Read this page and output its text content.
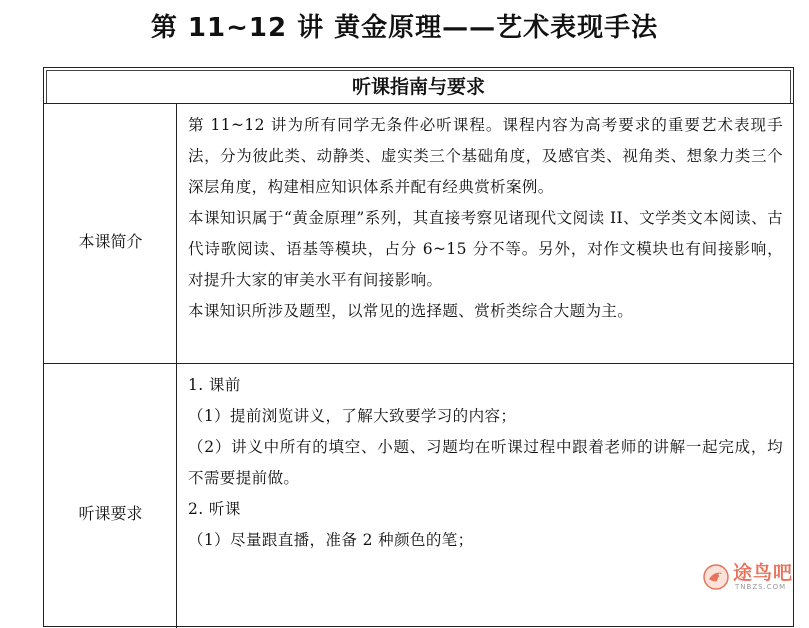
第 11~12 讲 黄金原理——艺术表现手法
听课指南与要求
本课简介

第 11~12 讲为所有同学无条件必听课程。课程内容为高考要求的重要艺术表现手法，分为彼此类、动静类、虚实类三个基础角度，及感官类、视角类、想象力类三个深层角度，构建相应知识体系并配有经典赏析案例。

本课知识属于“黄金原理”系列，其直接考察见诸现代文阅读 II、文学类文本阅读、古代诗歌阅读、语基等模块，占分 6~15 分不等。另外，对作文模块也有间接影响，对提升大家的审美水平有间接影响。

本课知识所涉及题型，以常见的选择题、赏析类综合大题为主。

听课要求

1. 课前

（1）提前浏览讲义，了解大致要学习的内容；

（2）讲义中所有的填空、小题、习题均在听课过程中跟着老师的讲解一起完成，均不需要提前做。

2. 听课

（1）尽量跟直播，准备 2 种颜色的笔；

途鸟吧
TNBZS.COM
